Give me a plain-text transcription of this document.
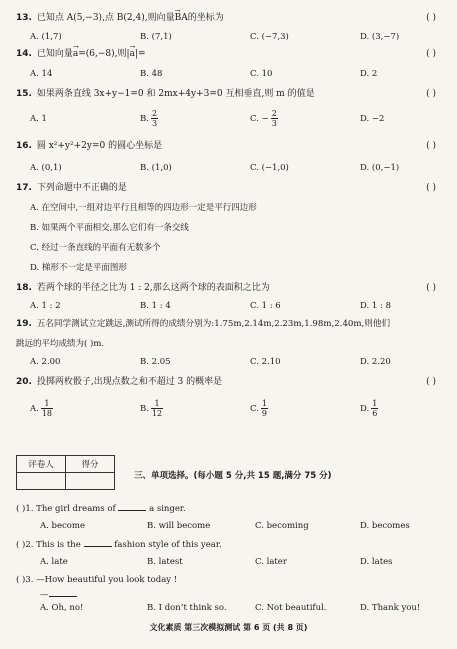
13. 已知点 A(5,−3),点 B(2,4),则向量→ BA的坐标为	( )
A. (1,7)	B. (7,1)	C. (−7,3)	D. (3,−7)
14. 已知向量→ a=(6,−8),则|→ a|=	( )
A. 14	B. 48	C. 10	D. 2
15. 如果两条直线 3x+y−1=0 和 2mx+4y+3=0 互相垂直,则 m 的值是	( )
A. 1	B. $\frac{2}{3}$	C. − $\frac{2}{3}$	D. −2
16. 圆 x²+y²+2y=0 的圆心坐标是	( )
A. (0,1)	B. (1,0)	C. (−1,0)	D. (0,−1)
17. 下列命题中不正确的是	( )
A. 在空间中,一组对边平行且相等的四边形一定是平行四边形
B. 如果两个平面相交,那么它们有一条交线
C. 经过一条直线的平面有无数多个
D. 梯形不一定是平面图形
18. 若两个球的半径之比为 1 : 2,那么这两个球的表面积之比为	( )
A. 1 : 2	B. 1 : 4	C. 1 : 6	D. 1 : 8
19. 五名同学测试立定跳远,测试所得的成绩分别为:1.75m,2.14m,2.23m,1.98m,2.40m,则他们
跳远的平均成绩为( )m.
A. 2.00	B. 2.05	C. 2.10	D. 2.20
20. 投掷两枚骰子,出现点数之和不超过 3 的概率是	( )
A. $\frac{1}{18}$	B. $\frac{1}{12}$	C. $\frac{1}{9}$	D. $\frac{1}{6}$
评卷人	得分

三、单项选择。(每小题 5 分,共 15 题,满分 75 分)
( )1. The girl dreams of	a singer.
A. become	B. will become	C. becoming	D. becomes
( )2. This is the	fashion style of this year.
A. late	B. latest	C. later	D. lates
( )3. —How beautiful you look today !
—
A. Oh, no!	B. I don’t think so.	C. Not beautiful.	D. Thank you!
文化素质 第三次模拟测试 第 6 页 (共 8 页)
